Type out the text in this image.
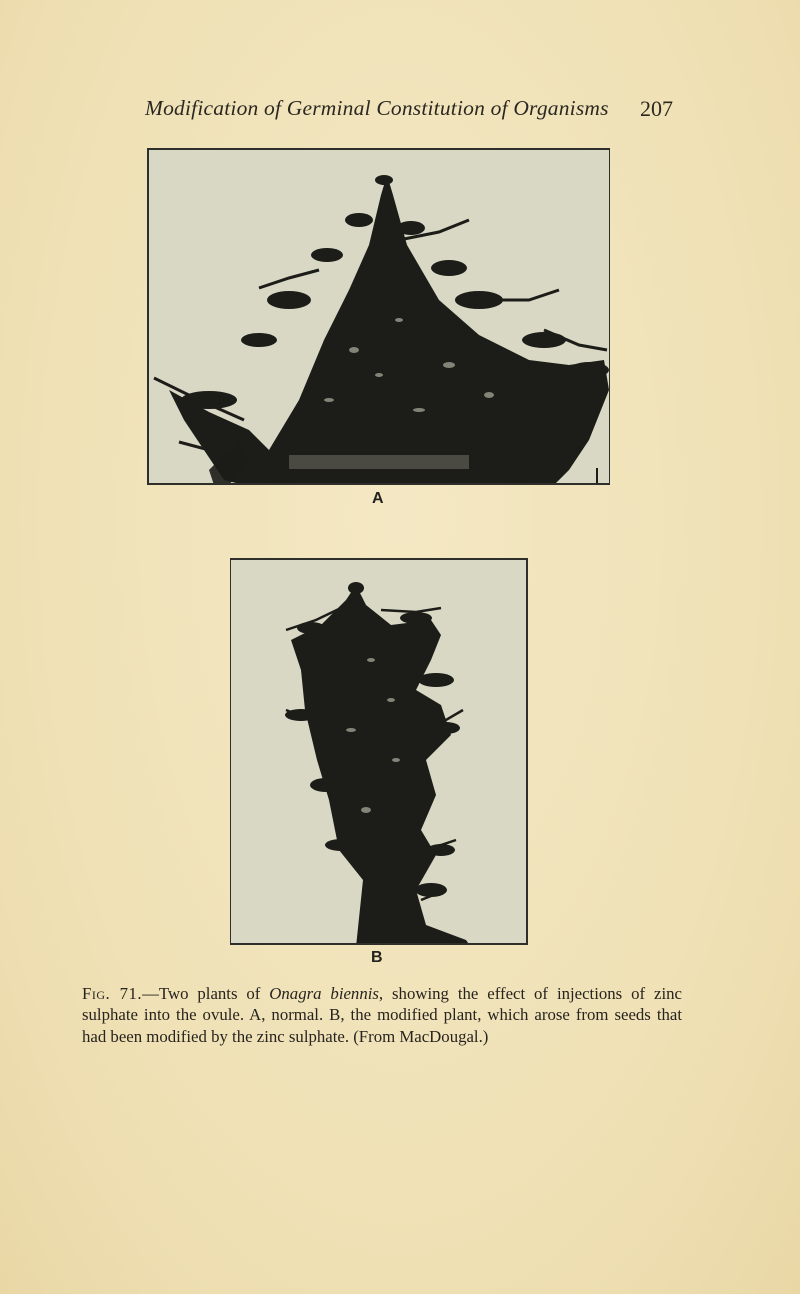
Modification of Germinal Constitution of Organisms 207
A
B

Fig. 71.—Two plants of Onagra biennis, showing the effect of injections of zinc sulphate into the ovule. A, normal. B, the modified plant, which arose from seeds that had been modified by the zinc sulphate. (From MacDougal.)
